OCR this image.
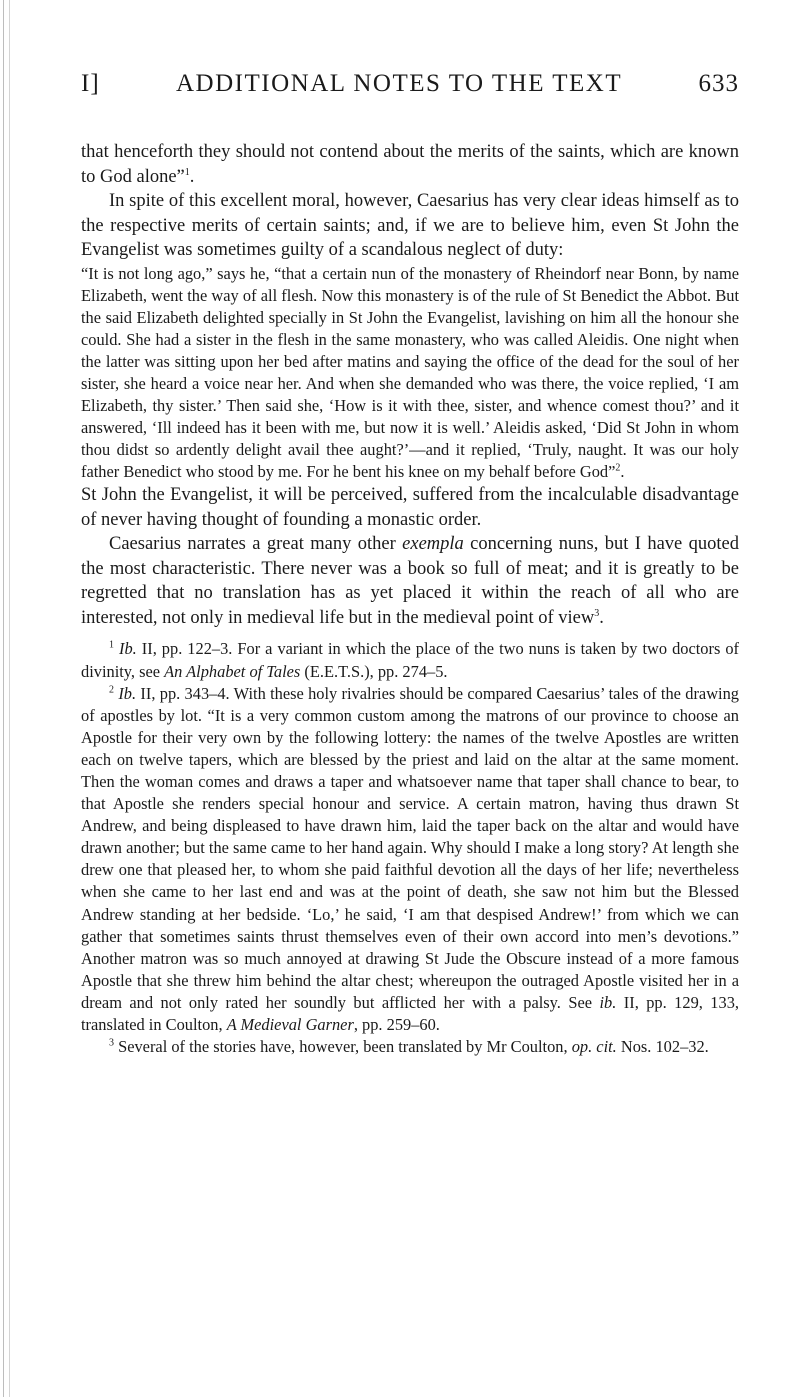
I]	ADDITIONAL NOTES TO THE TEXT	633

that henceforth they should not contend about the merits of the saints, which are known to God alone”$^1$.

In spite of this excellent moral, however, Caesarius has very clear ideas himself as to the respective merits of certain saints; and, if we are to believe him, even St John the Evangelist was sometimes guilty of a scandalous neglect of duty:

“It is not long ago,” says he, “that a certain nun of the monastery of Rheindorf near Bonn, by name Elizabeth, went the way of all flesh. Now this monastery is of the rule of St Benedict the Abbot. But the said Elizabeth delighted specially in St John the Evangelist, lavishing on him all the honour she could. She had a sister in the flesh in the same monastery, who was called Aleidis. One night when the latter was sitting upon her bed after matins and saying the office of the dead for the soul of her sister, she heard a voice near her. And when she demanded who was there, the voice replied, ‘I am Elizabeth, thy sister.’ Then said she, ‘How is it with thee, sister, and whence comest thou?’ and it answered, ‘Ill indeed has it been with me, but now it is well.’ Aleidis asked, ‘Did St John in whom thou didst so ardently delight avail thee aught?’—and it replied, ‘Truly, naught. It was our holy father Benedict who stood by me. For he bent his knee on my behalf before God”$^2$.

St John the Evangelist, it will be perceived, suffered from the incalculable disadvantage of never having thought of founding a monastic order.

Caesarius narrates a great many other exempla concerning nuns, but I have quoted the most characteristic. There never was a book so full of meat; and it is greatly to be regretted that no translation has as yet placed it within the reach of all who are interested, not only in medieval life but in the medieval point of view$^3$.

$^1$ Ib. II, pp. 122–3. For a variant in which the place of the two nuns is taken by two doctors of divinity, see An Alphabet of Tales (E.E.T.S.), pp. 274–5.

$^2$ Ib. II, pp. 343–4. With these holy rivalries should be compared Caesarius’ tales of the drawing of apostles by lot. “It is a very common custom among the matrons of our province to choose an Apostle for their very own by the following lottery: the names of the twelve Apostles are written each on twelve tapers, which are blessed by the priest and laid on the altar at the same moment. Then the woman comes and draws a taper and whatsoever name that taper shall chance to bear, to that Apostle she renders special honour and service. A certain matron, having thus drawn St Andrew, and being displeased to have drawn him, laid the taper back on the altar and would have drawn another; but the same came to her hand again. Why should I make a long story? At length she drew one that pleased her, to whom she paid faithful devotion all the days of her life; nevertheless when she came to her last end and was at the point of death, she saw not him but the Blessed Andrew standing at her bedside. ‘Lo,’ he said, ‘I am that despised Andrew!’ from which we can gather that sometimes saints thrust themselves even of their own accord into men’s devotions.” Another matron was so much annoyed at drawing St Jude the Obscure instead of a more famous Apostle that she threw him behind the altar chest; whereupon the outraged Apostle visited her in a dream and not only rated her soundly but afflicted her with a palsy. See ib. II, pp. 129, 133, translated in Coulton, A Medieval Garner, pp. 259–60.

$^3$ Several of the stories have, however, been translated by Mr Coulton, op. cit. Nos. 102–32.
